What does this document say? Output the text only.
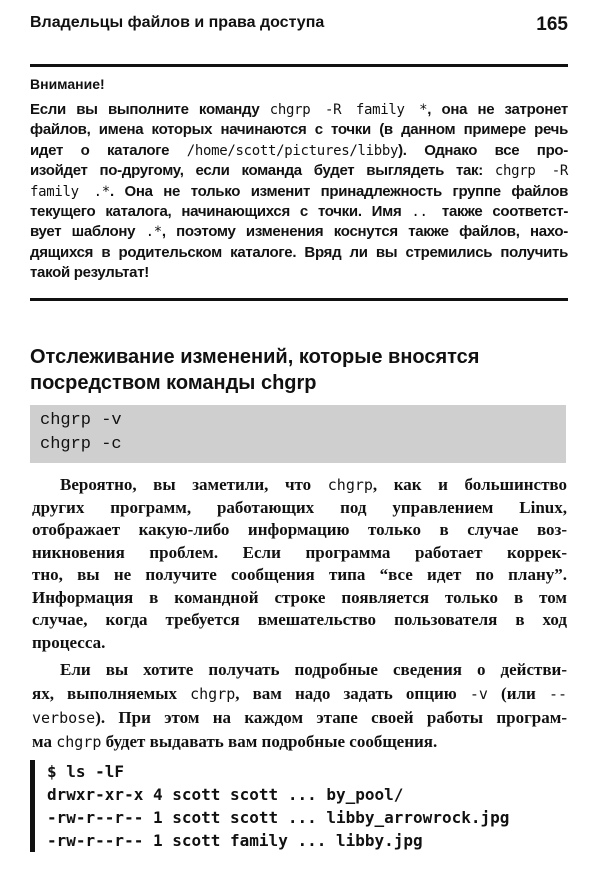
Владельцы файлов и права доступа	165
Внимание!
Если вы выполните команду chgrp -R family *, она не затронет
файлов, имена которых начинаются с точки (в данном примере речь
идет о каталоге /home/scott/pictures/libby). Однако все про-
изойдет по-другому, если команда будет выглядеть так: chgrp -R
family .*. Она не только изменит принадлежность группе файлов
текущего каталога, начинающихся с точки. Имя .. также соответст-
вует шаблону .*, поэтому изменения коснутся также файлов, нахо-
дящихся в родительском каталоге. Вряд ли вы стремились получить
такой результат!
Отслеживание изменений, которые вносятся
посредством команды chgrp
chgrp -v
chgrp -c
Вероятно, вы заметили, что chgrp, как и большинство
других программ, работающих под управлением Linux,
отображает какую-либо информацию только в случае воз-
никновения проблем. Если программа работает коррек-
тно, вы не получите сообщения типа “все идет по плану”.
Информация в командной строке появляется только в том
случае, когда требуется вмешательство пользователя в ход
процесса.
Ели вы хотите получать подробные сведения о действи-
ях, выполняемых chgrp, вам надо задать опцию -v (или --
verbose). При этом на каждом этапе своей работы програм-
ма chgrp будет выдавать вам подробные сообщения.
$ ls -lF
drwxr-xr-x 4 scott scott ... by_pool/
-rw-r--r-- 1 scott scott ... libby_arrowrock.jpg
-rw-r--r-- 1 scott family ... libby.jpg
